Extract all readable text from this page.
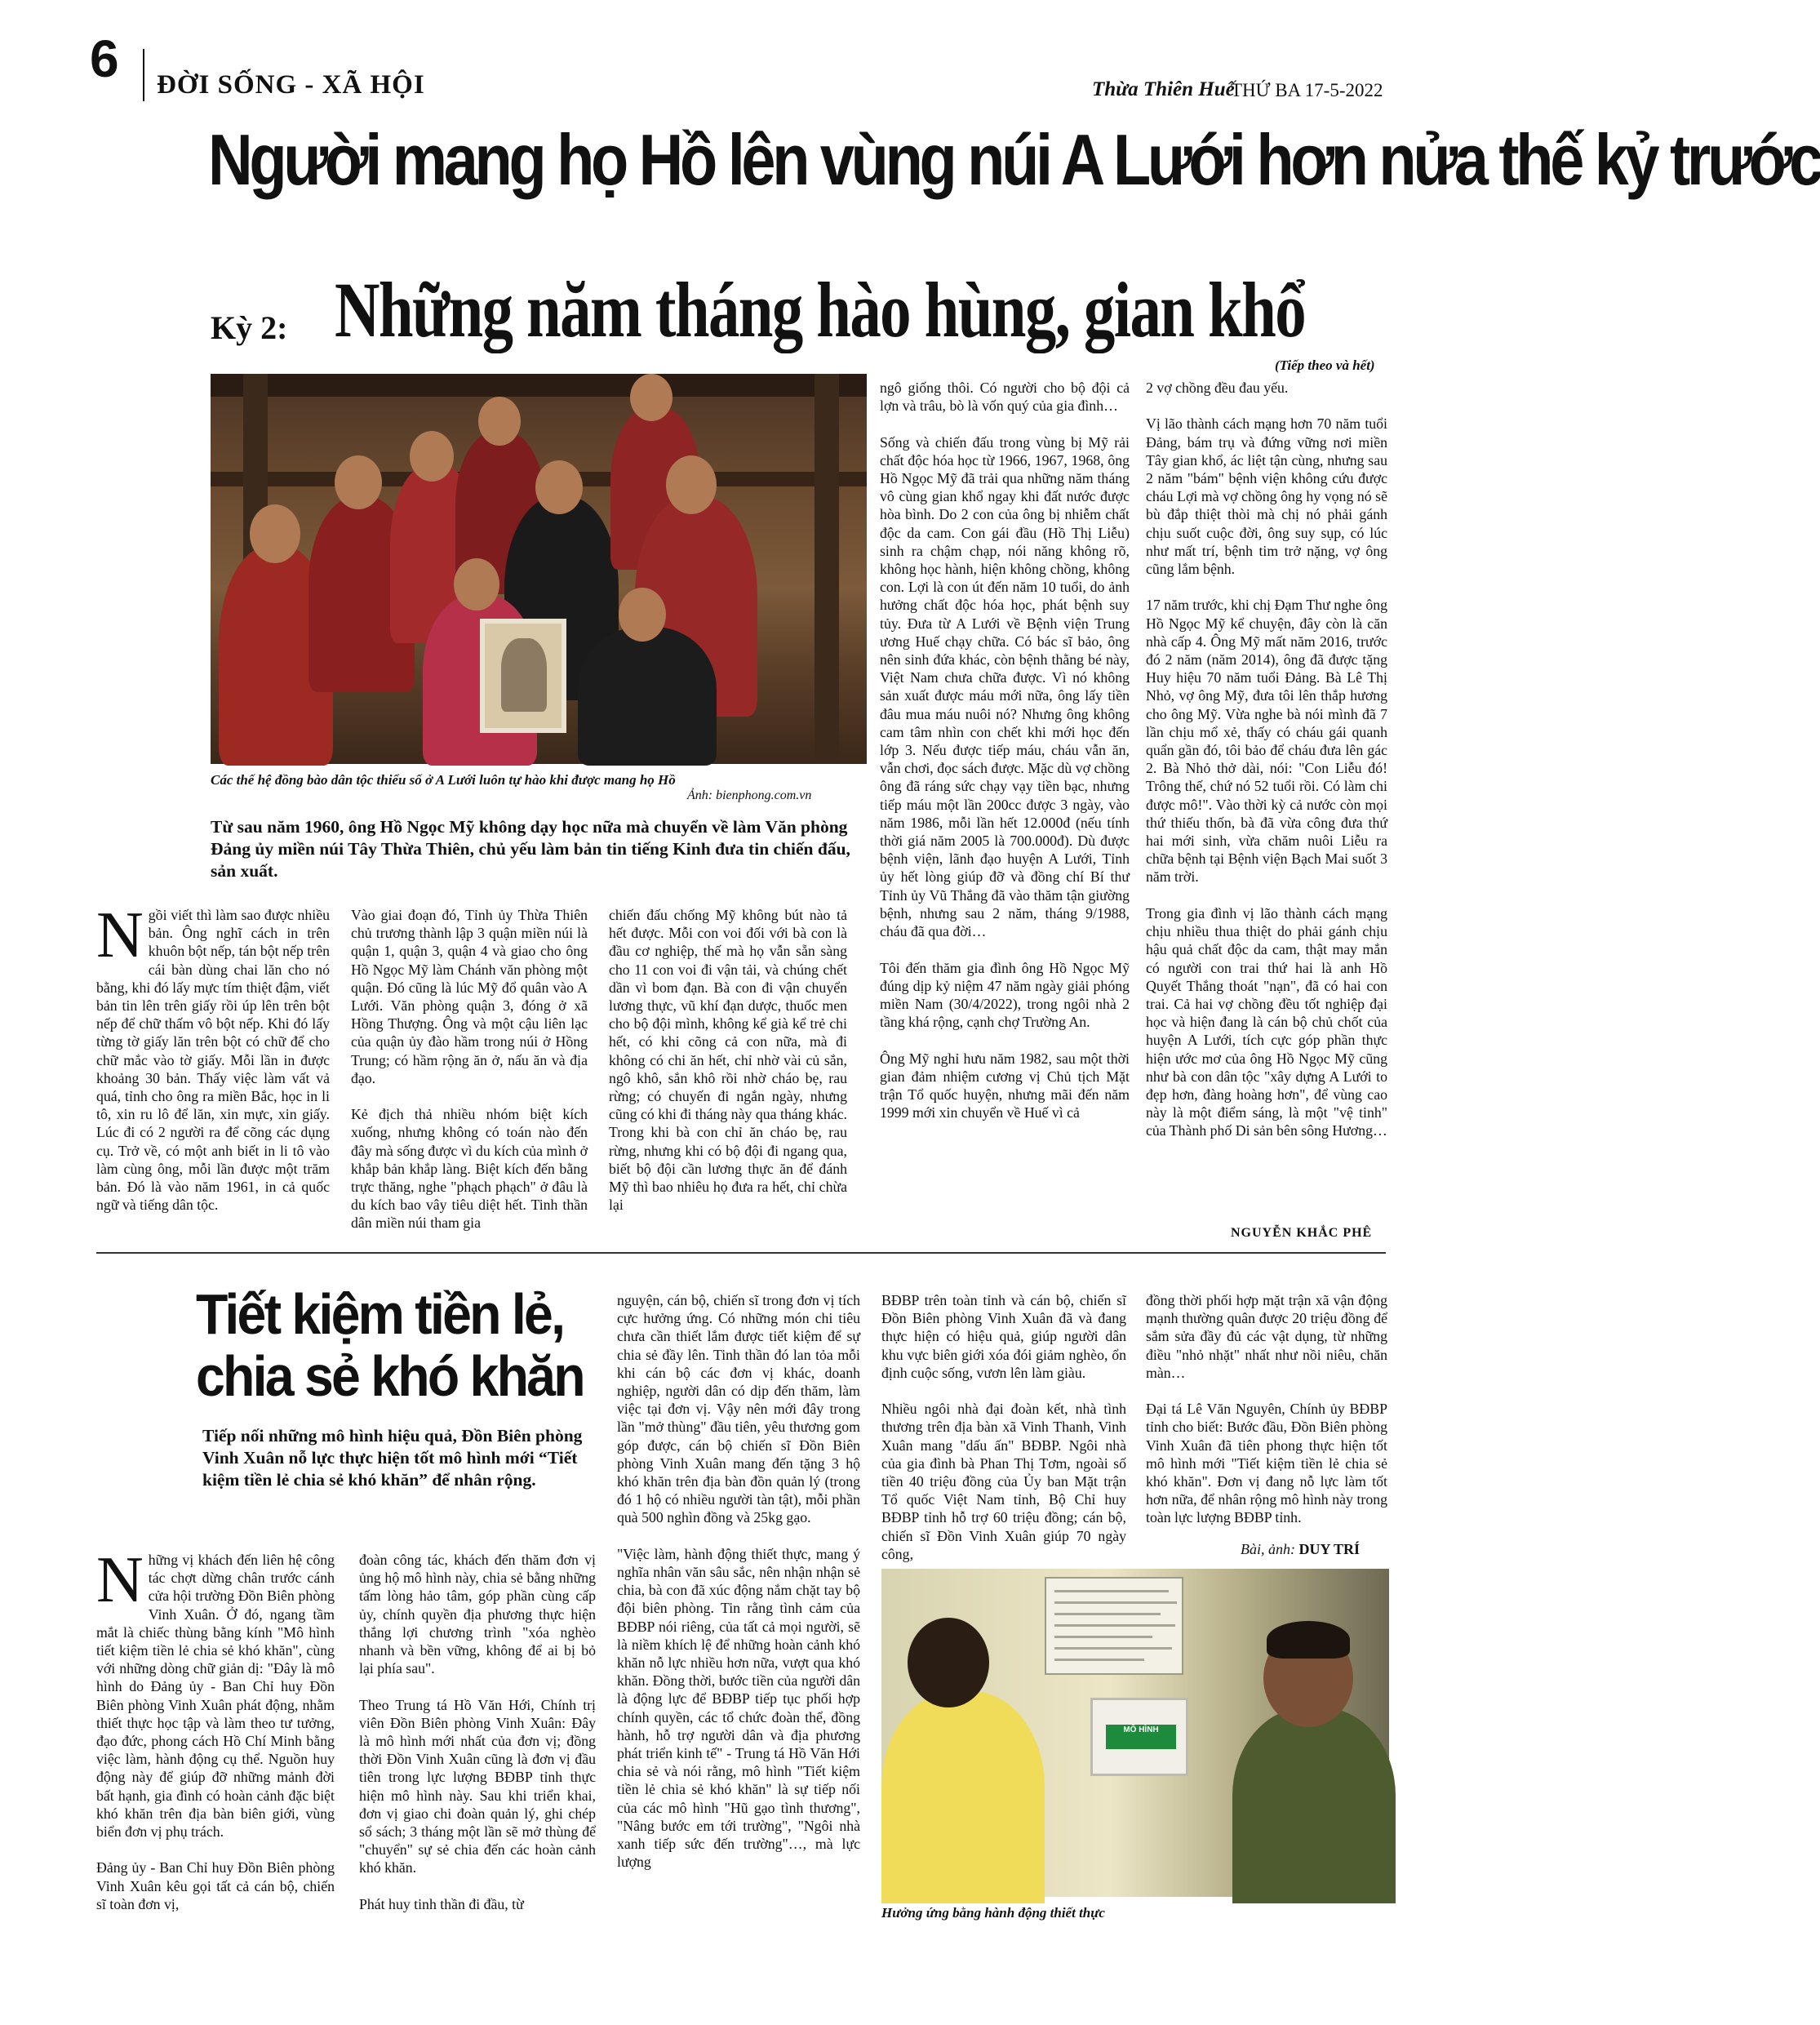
6 ĐỜI SỐNG - XÃ HỘI	Thừa Thiên Huế
THỨ BA 17-5-2022
Người mang họ Hồ lên vùng núi A Lưới hơn nửa thế kỷ trước
Kỳ 2: Những năm tháng hào hùng, gian khổ
(Tiếp theo và hết)
Các thế hệ đồng bào dân tộc thiểu số ở A Lưới luôn tự hào khi được mang họ Hồ
Ảnh: bienphong.com.vn
Từ sau năm 1960, ông Hồ Ngọc Mỹ không dạy học nữa mà chuyển về làm Văn phòng Đảng ủy miền núi Tây Thừa Thiên, chủ yếu làm bản tin tiếng Kinh đưa tin chiến đấu, sản xuất.
Ngồi viết thì làm sao được nhiều bản. Ông nghĩ cách in trên khuôn bột nếp, tán bột nếp trên cái bàn dùng chai lăn cho nó bằng, khi đó lấy mực tím thiệt đậm, viết bản tin lên trên giấy rồi úp lên trên bột nếp để chữ thấm vô bột nếp. Khi đó lấy từng tờ giấy lăn trên bột có chữ để cho chữ mắc vào tờ giấy. Mỗi lần in được khoảng 30 bản. Thấy việc làm vất vả quá, tỉnh cho ông ra miền Bắc, học in li tô, xin ru lô để lăn, xin mực, xin giấy. Lúc đi có 2 người ra để cõng các dụng cụ. Trở về, có một anh biết in li tô vào làm cùng ông, mỗi lần được một trăm bản. Đó là vào năm 1961, in cả quốc ngữ và tiếng dân tộc.
Vào giai đoạn đó, Tỉnh ủy Thừa Thiên chủ trương thành lập 3 quận miền núi là quận 1, quận 3, quận 4 và giao cho ông Hồ Ngọc Mỹ làm Chánh văn phòng một quận. Đó cũng là lúc Mỹ đổ quân vào A Lưới. Văn phòng quận 3, đóng ở xã Hồng Thượng. Ông và một cậu liên lạc của quận ủy đào hầm trong núi ở Hồng Trung; có hầm rộng ăn ở, nấu ăn và địa đạo.

Kẻ địch thả nhiều nhóm biệt kích xuống, nhưng không có toán nào đến đây mà sống được vì du kích của mình ở khắp bản khắp làng. Biệt kích đến bằng trực thăng, nghe "phạch phạch" ở đâu là du kích bao vây tiêu diệt hết. Tinh thần dân miền núi tham gia
chiến đấu chống Mỹ không bút nào tả hết được. Mỗi con voi đối với bà con là đầu cơ nghiệp, thế mà họ vẫn sẵn sàng cho 11 con voi đi vận tải, và chúng chết dần vì bom đạn. Bà con đi vận chuyển lương thực, vũ khí đạn dược, thuốc men cho bộ đội mình, không kể già kể trẻ chi hết, có khi cõng cả con nữa, mà đi không có chi ăn hết, chỉ nhờ vài củ sắn, ngô khô, sắn khô rồi nhờ cháo bẹ, rau rừng; có chuyến đi ngắn ngày, nhưng cũng có khi đi tháng này qua tháng khác. Trong khi bà con chỉ ăn cháo bẹ, rau rừng, nhưng khi có bộ đội đi ngang qua, biết bộ đội cần lương thực ăn để đánh Mỹ thì bao nhiêu họ đưa ra hết, chỉ chừa lại
ngô giống thôi. Có người cho bộ đội cả lợn và trâu, bò là vốn quý của gia đình…

Sống và chiến đấu trong vùng bị Mỹ rải chất độc hóa học từ 1966, 1967, 1968, ông Hồ Ngọc Mỹ đã trải qua những năm tháng vô cùng gian khổ ngay khi đất nước được hòa bình. Do 2 con của ông bị nhiễm chất độc da cam. Con gái đầu (Hồ Thị Liễu) sinh ra chậm chạp, nói năng không rõ, không học hành, hiện không chồng, không con. Lợi là con út đến năm 10 tuổi, do ảnh hưởng chất độc hóa học, phát bệnh suy tủy. Đưa từ A Lưới về Bệnh viện Trung ương Huế chạy chữa. Có bác sĩ bảo, ông nên sinh đứa khác, còn bệnh thằng bé này, Việt Nam chưa chữa được. Vì nó không sản xuất được máu mới nữa, ông lấy tiền đâu mua máu nuôi nó? Nhưng ông không cam tâm nhìn con chết khi mới học đến lớp 3. Nếu được tiếp máu, cháu vẫn ăn, vẫn chơi, đọc sách được. Mặc dù vợ chồng ông đã ráng sức chạy vạy tiền bạc, nhưng tiếp máu một lần 200cc được 3 ngày, vào năm 1986, mỗi lần hết 12.000đ (nếu tính thời giá năm 2005 là 700.000đ). Dù được bệnh viện, lãnh đạo huyện A Lưới, Tỉnh ủy hết lòng giúp đỡ và đồng chí Bí thư Tỉnh ủy Vũ Thắng đã vào thăm tận giường bệnh, nhưng sau 2 năm, tháng 9/1988, cháu đã qua đời…

Tôi đến thăm gia đình ông Hồ Ngọc Mỹ đúng dịp kỷ niệm 47 năm ngày giải phóng miền Nam (30/4/2022), trong ngôi nhà 2 tầng khá rộng, cạnh chợ Trường An.

Ông Mỹ nghỉ hưu năm 1982, sau một thời gian đảm nhiệm cương vị Chủ tịch Mặt trận Tổ quốc huyện, nhưng mãi đến năm 1999 mới xin chuyển về Huế vì cả
2 vợ chồng đều đau yếu.

Vị lão thành cách mạng hơn 70 năm tuổi Đảng, bám trụ và đứng vững nơi miền Tây gian khổ, ác liệt tận cùng, nhưng sau 2 năm "bám" bệnh viện không cứu được cháu Lợi mà vợ chồng ông hy vọng nó sẽ bù đắp thiệt thòi mà chị nó phải gánh chịu suốt cuộc đời, ông suy sụp, có lúc như mất trí, bệnh tim trở nặng, vợ ông cũng lắm bệnh.

17 năm trước, khi chị Đạm Thư nghe ông Hồ Ngọc Mỹ kể chuyện, đây còn là căn nhà cấp 4. Ông Mỹ mất năm 2016, trước đó 2 năm (năm 2014), ông đã được tặng Huy hiệu 70 năm tuổi Đảng. Bà Lê Thị Nhỏ, vợ ông Mỹ, đưa tôi lên thắp hương cho ông Mỹ. Vừa nghe bà nói mình đã 7 lần chịu mổ xẻ, thấy có cháu gái quanh quẩn gần đó, tôi bảo để cháu đưa lên gác 2. Bà Nhỏ thở dài, nói: "Con Liễu đó! Trông thế, chứ nó 52 tuổi rồi. Có làm chi được mô!". Vào thời kỳ cả nước còn mọi thứ thiếu thốn, bà đã vừa công đưa thứ hai mới sinh, vừa chăm nuôi Liễu ra chữa bệnh tại Bệnh viện Bạch Mai suốt 3 năm trời.

Trong gia đình vị lão thành cách mạng chịu nhiều thua thiệt do phải gánh chịu hậu quả chất độc da cam, thật may mắn có người con trai thứ hai là anh Hồ Quyết Thắng thoát "nạn", đã có hai con trai. Cả hai vợ chồng đều tốt nghiệp đại học và hiện đang là cán bộ chủ chốt của huyện A Lưới, tích cực góp phần thực hiện ước mơ của ông Hồ Ngọc Mỹ cũng như bà con dân tộc "xây dựng A Lưới to đẹp hơn, đàng hoàng hơn", để vùng cao này là một điểm sáng, là một "vệ tinh" của Thành phố Di sản bên sông Hương…
NGUYỄN KHẮC PHÊ
Tiết kiệm tiền lẻ, chia sẻ khó khăn
Tiếp nối những mô hình hiệu quả, Đồn Biên phòng Vinh Xuân nỗ lực thực hiện tốt mô hình mới “Tiết kiệm tiền lẻ chia sẻ khó khăn” để nhân rộng.
Những vị khách đến liên hệ công tác chợt dừng chân trước cánh cửa hội trường Đồn Biên phòng Vinh Xuân. Ở đó, ngang tầm mắt là chiếc thùng bằng kính "Mô hình tiết kiệm tiền lẻ chia sẻ khó khăn", cùng với những dòng chữ giản dị: "Đây là mô hình do Đảng ủy - Ban Chỉ huy Đồn Biên phòng Vinh Xuân phát động, nhằm thiết thực học tập và làm theo tư tưởng, đạo đức, phong cách Hồ Chí Minh bằng việc làm, hành động cụ thể. Nguồn huy động này để giúp đỡ những mảnh đời bất hạnh, gia đình có hoàn cảnh đặc biệt khó khăn trên địa bàn biên giới, vùng biển đơn vị phụ trách.

Đảng ủy - Ban Chỉ huy Đồn Biên phòng Vinh Xuân kêu gọi tất cả cán bộ, chiến sĩ toàn đơn vị,
đoàn công tác, khách đến thăm đơn vị ủng hộ mô hình này, chia sẻ bằng những tấm lòng hảo tâm, góp phần cùng cấp ủy, chính quyền địa phương thực hiện thắng lợi chương trình "xóa nghèo nhanh và bền vững, không để ai bị bỏ lại phía sau".

Theo Trung tá Hồ Văn Hới, Chính trị viên Đồn Biên phòng Vinh Xuân: Đây là mô hình mới nhất của đơn vị; đồng thời Đồn Vinh Xuân cũng là đơn vị đầu tiên trong lực lượng BĐBP tỉnh thực hiện mô hình này. Sau khi triển khai, đơn vị giao chi đoàn quản lý, ghi chép sổ sách; 3 tháng một lần sẽ mở thùng để "chuyển" sự sẻ chia đến các hoàn cảnh khó khăn.

Phát huy tinh thần đi đầu, từ
nguyện, cán bộ, chiến sĩ trong đơn vị tích cực hưởng ứng. Có những món chi tiêu chưa cần thiết lắm được tiết kiệm để sự chia sẻ đầy lên. Tinh thần đó lan tỏa mỗi khi cán bộ các đơn vị khác, doanh nghiệp, người dân có dịp đến thăm, làm việc tại đơn vị. Vậy nên mới đây trong lần "mở thùng" đầu tiên, yêu thương gom góp được, cán bộ chiến sĩ Đồn Biên phòng Vinh Xuân mang đến tặng 3 hộ khó khăn trên địa bàn đồn quản lý (trong đó 1 hộ có nhiều người tàn tật), mỗi phần quà 500 nghìn đồng và 25kg gạo.

"Việc làm, hành động thiết thực, mang ý nghĩa nhân văn sâu sắc, nên nhận nhận sẻ chia, bà con đã xúc động nắm chặt tay bộ đội biên phòng. Tin rằng tình cảm của BĐBP nói riêng, của tất cả mọi người, sẽ là niềm khích lệ để những hoàn cảnh khó khăn nỗ lực nhiều hơn nữa, vượt qua khó khăn. Đồng thời, bước tiền của người dân là động lực để BĐBP tiếp tục phối hợp chính quyền, các tổ chức đoàn thể, đồng hành, hỗ trợ người dân và địa phương phát triển kinh tế" - Trung tá Hồ Văn Hới chia sẻ và nói rằng, mô hình "Tiết kiệm tiền lẻ chia sẻ khó khăn" là sự tiếp nối của các mô hình "Hũ gạo tình thương", "Nâng bước em tới trường", "Ngôi nhà xanh tiếp sức đến trường"…, mà lực lượng
BĐBP trên toàn tỉnh và cán bộ, chiến sĩ Đồn Biên phòng Vinh Xuân đã và đang thực hiện có hiệu quả, giúp người dân khu vực biên giới xóa đói giảm nghèo, ổn định cuộc sống, vươn lên làm giàu.

Nhiều ngôi nhà đại đoàn kết, nhà tình thương trên địa bàn xã Vinh Thanh, Vinh Xuân mang "dấu ấn" BĐBP. Ngôi nhà của gia đình bà Phan Thị Tơm, ngoài số tiền 40 triệu đồng của Ủy ban Mặt trận Tổ quốc Việt Nam tỉnh, Bộ Chỉ huy BĐBP tỉnh hỗ trợ 60 triệu đồng; cán bộ, chiến sĩ Đồn Vinh Xuân giúp 70 ngày công,
đồng thời phối hợp mặt trận xã vận động mạnh thường quân được 20 triệu đồng để sắm sửa đầy đủ các vật dụng, từ những điều "nhỏ nhặt" nhất như nồi niêu, chăn màn…

Đại tá Lê Văn Nguyên, Chính ủy BĐBP tỉnh cho biết: Bước đầu, Đồn Biên phòng Vinh Xuân đã tiên phong thực hiện tốt mô hình mới "Tiết kiệm tiền lẻ chia sẻ khó khăn". Đơn vị đang nỗ lực làm tốt hơn nữa, để nhân rộng mô hình này trong toàn lực lượng BĐBP tỉnh.
Bài, ảnh: DUY TRÍ
MÔ HÌNH
Hưởng ứng bằng hành động thiết thực
